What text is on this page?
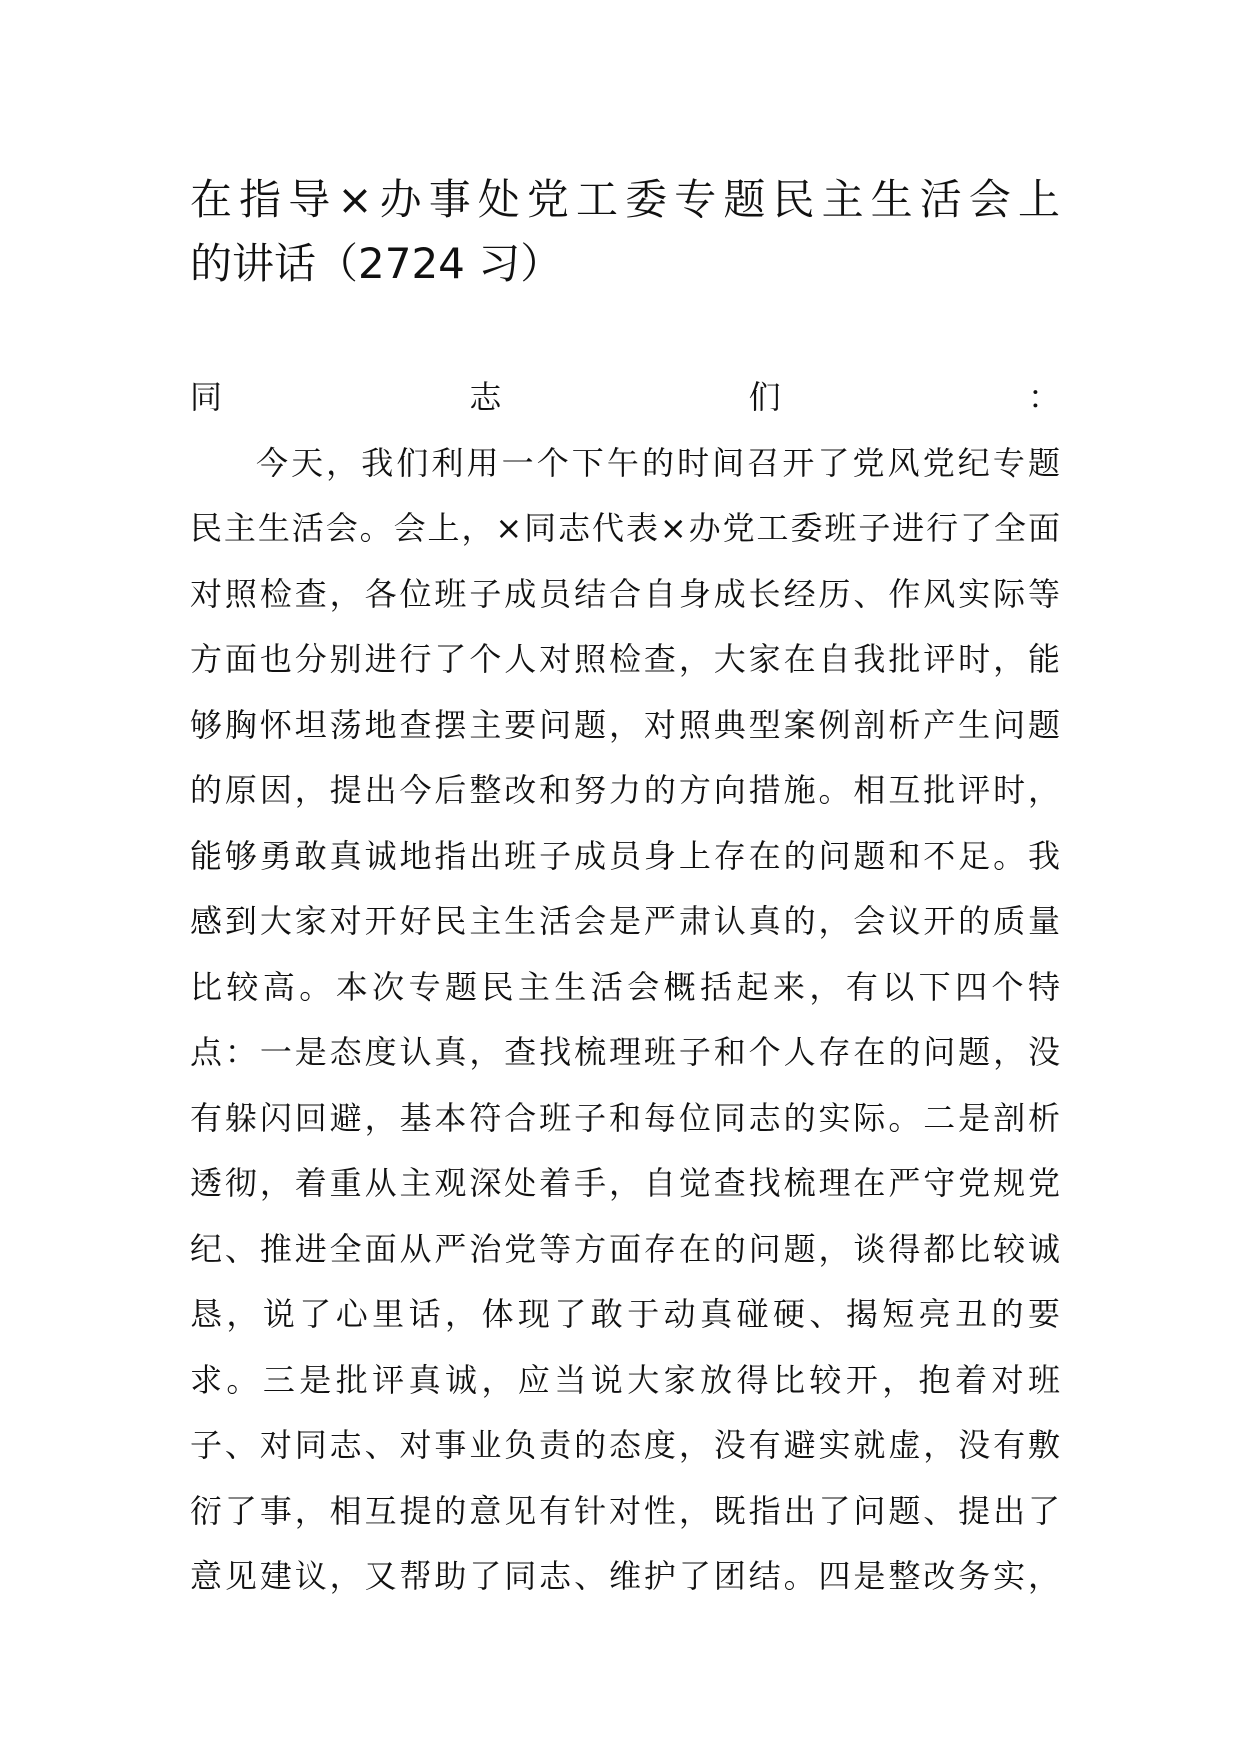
在指导×办事处党工委专题民主生活会上
的讲话（2724 习）
同志们：
今天，我们利用一个下午的时间召开了党风党纪专题
民主生活会。会上，×同志代表×办党工委班子进行了全面
对照检查，各位班子成员结合自身成长经历、作风实际等
方面也分别进行了个人对照检查，大家在自我批评时，能
够胸怀坦荡地查摆主要问题，对照典型案例剖析产生问题
的原因，提出今后整改和努力的方向措施。相互批评时，
能够勇敢真诚地指出班子成员身上存在的问题和不足。我
感到大家对开好民主生活会是严肃认真的，会议开的质量
比较高。本次专题民主生活会概括起来，有以下四个特
点：一是态度认真，查找梳理班子和个人存在的问题，没
有躲闪回避，基本符合班子和每位同志的实际。二是剖析
透彻，着重从主观深处着手，自觉查找梳理在严守党规党
纪、推进全面从严治党等方面存在的问题，谈得都比较诚
恳，说了心里话，体现了敢于动真碰硬、揭短亮丑的要
求。三是批评真诚，应当说大家放得比较开，抱着对班
子、对同志、对事业负责的态度，没有避实就虚，没有敷
衍了事，相互提的意见有针对性，既指出了问题、提出了
意见建议，又帮助了同志、维护了团结。四是整改务实，
